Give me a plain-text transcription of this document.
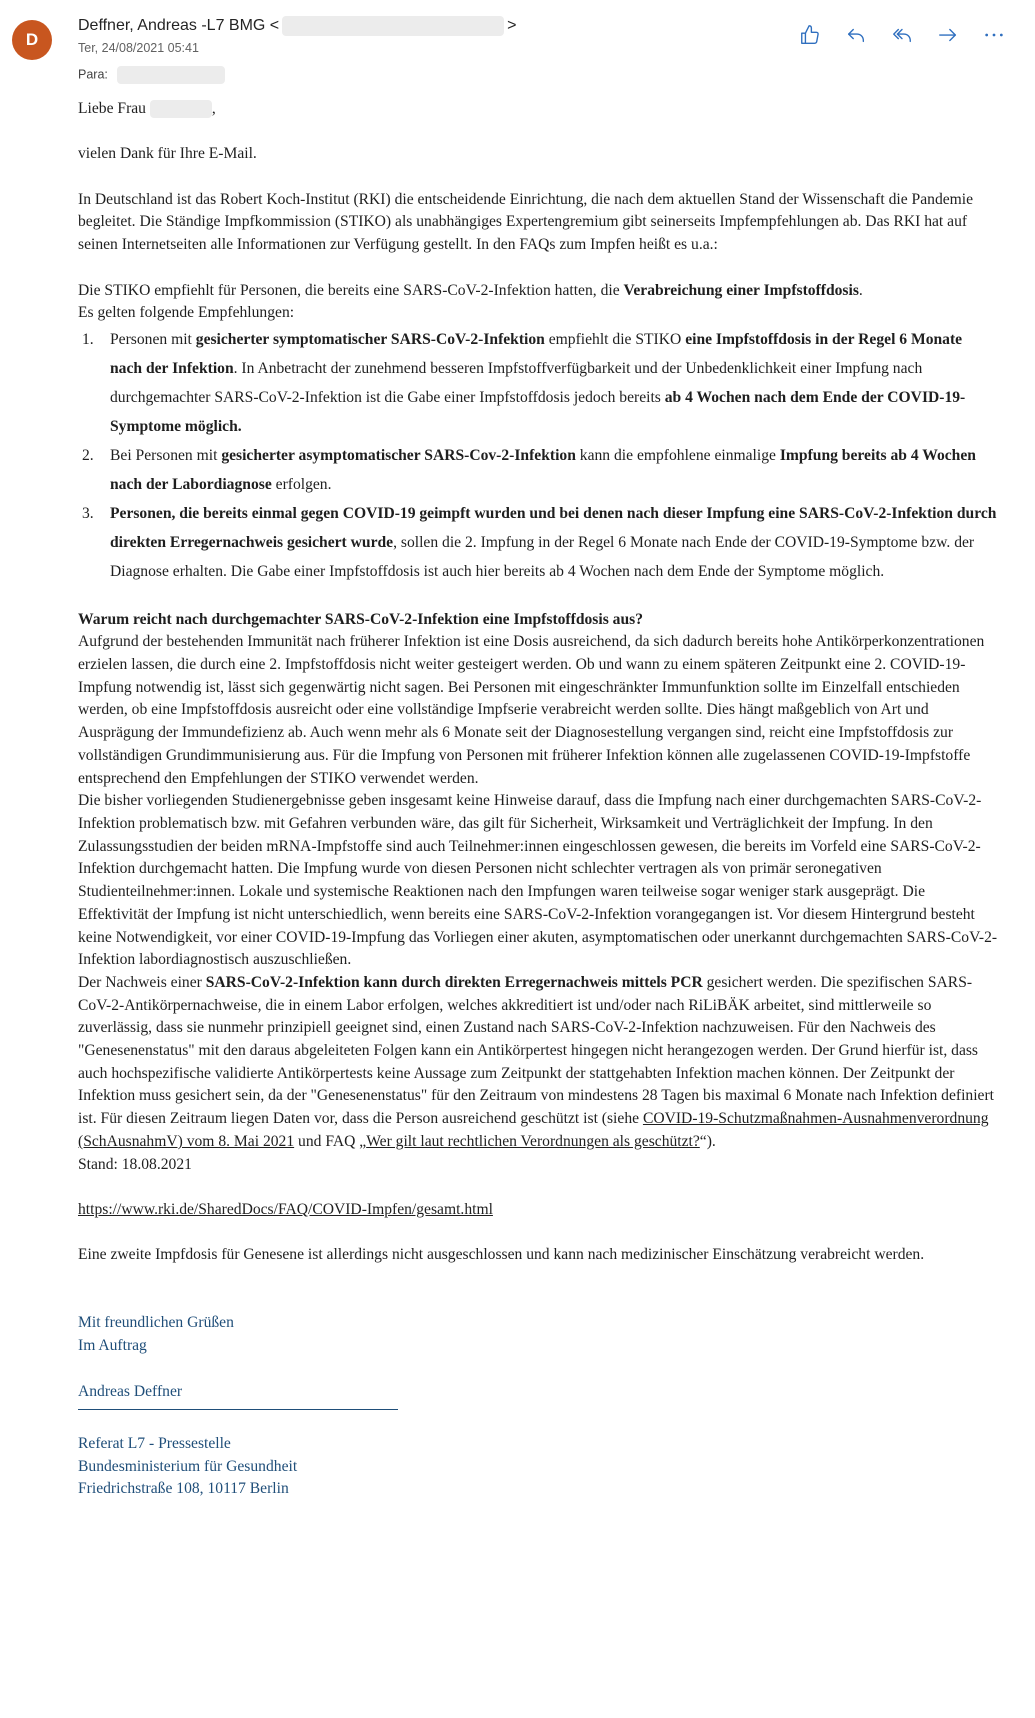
D
Deffner, Andreas -L7 BMG <	>
Ter, 24/08/2021 05:41
Para:

Liebe Frau	,

vielen Dank für Ihre E-Mail.

In Deutschland ist das Robert Koch-Institut (RKI) die entscheidende Einrichtung, die nach dem aktuellen Stand der Wissenschaft die Pandemie begleitet. Die Ständige Impfkommission (STIKO) als unabhängiges Expertengremium gibt seinerseits Impfempfehlungen ab. Das RKI hat auf seinen Internetseiten alle Informationen zur Verfügung gestellt. In den FAQs zum Impfen heißt es u.a.:

Die STIKO empfiehlt für Personen, die bereits eine SARS-CoV-2-Infektion hatten, die Verabreichung einer Impfstoffdosis.
Es gelten folgende Empfehlungen:

1. Personen mit gesicherter symptomatischer SARS-CoV-2-Infektion empfiehlt die STIKO eine Impfstoffdosis in der Regel 6 Monate nach der Infektion. In Anbetracht der zunehmend besseren Impfstoffverfügbarkeit und der Unbedenklichkeit einer Impfung nach durchgemachter SARS-CoV-2-Infektion ist die Gabe einer Impfstoffdosis jedoch bereits ab 4 Wochen nach dem Ende der COVID-19-Symptome möglich.
2. Bei Personen mit gesicherter asymptomatischer SARS-Cov-2-Infektion kann die empfohlene einmalige Impfung bereits ab 4 Wochen nach der Labordiagnose erfolgen.
3. Personen, die bereits einmal gegen COVID-19 geimpft wurden und bei denen nach dieser Impfung eine SARS-CoV-2-Infektion durch direkten Erregernachweis gesichert wurde, sollen die 2. Impfung in der Regel 6 Monate nach Ende der COVID-19-Symptome bzw. der Diagnose erhalten. Die Gabe einer Impfstoffdosis ist auch hier bereits ab 4 Wochen nach dem Ende der Symptome möglich.

Warum reicht nach durchgemachter SARS-CoV-2-Infektion eine Impfstoffdosis aus?

Aufgrund der bestehenden Immunität nach früherer Infektion ist eine Dosis ausreichend, da sich dadurch bereits hohe Antikörperkonzentrationen erzielen lassen, die durch eine 2. Impfstoffdosis nicht weiter gesteigert werden. Ob und wann zu einem späteren Zeitpunkt eine 2. COVID-19-Impfung notwendig ist, lässt sich gegenwärtig nicht sagen. Bei Personen mit eingeschränkter Immunfunktion sollte im Einzelfall entschieden werden, ob eine Impfstoffdosis ausreicht oder eine vollständige Impfserie verabreicht werden sollte. Dies hängt maßgeblich von Art und Ausprägung der Immundefizienz ab. Auch wenn mehr als 6 Monate seit der Diagnosestellung vergangen sind, reicht eine Impfstoffdosis zur vollständigen Grundimmunisierung aus. Für die Impfung von Personen mit früherer Infektion können alle zugelassenen COVID-19-Impfstoffe entsprechend den Empfehlungen der STIKO verwendet werden.

Die bisher vorliegenden Studienergebnisse geben insgesamt keine Hinweise darauf, dass die Impfung nach einer durchgemachten SARS-CoV-2-Infektion problematisch bzw. mit Gefahren verbunden wäre, das gilt für Sicherheit, Wirksamkeit und Verträglichkeit der Impfung. In den Zulassungsstudien der beiden mRNA-Impfstoffe sind auch Teilnehmer:innen eingeschlossen gewesen, die bereits im Vorfeld eine SARS-CoV-2-Infektion durchgemacht hatten. Die Impfung wurde von diesen Personen nicht schlechter vertragen als von primär seronegativen Studienteilnehmer:innen. Lokale und systemische Reaktionen nach den Impfungen waren teilweise sogar weniger stark ausgeprägt. Die Effektivität der Impfung ist nicht unterschiedlich, wenn bereits eine SARS-CoV-2-Infektion vorangegangen ist. Vor diesem Hintergrund besteht keine Notwendigkeit, vor einer COVID-19-Impfung das Vorliegen einer akuten, asymptomatischen oder unerkannt durchgemachten SARS-CoV-2-Infektion labordiagnostisch auszuschließen.

Der Nachweis einer SARS-CoV-2-Infektion kann durch direkten Erregernachweis mittels PCR gesichert werden. Die spezifischen SARS-CoV-2-Antikörpernachweise, die in einem Labor erfolgen, welches akkreditiert ist und/oder nach RiLiBÄK arbeitet, sind mittlerweile so zuverlässig, dass sie nunmehr prinzipiell geeignet sind, einen Zustand nach SARS-CoV-2-Infektion nachzuweisen. Für den Nachweis des "Genesenenstatus" mit den daraus abgeleiteten Folgen kann ein Antikörpertest hingegen nicht herangezogen werden. Der Grund hierfür ist, dass auch hochspezifische validierte Antikörpertests keine Aussage zum Zeitpunkt der stattgehabten Infektion machen können. Der Zeitpunkt der Infektion muss gesichert sein, da der "Genesenenstatus" für den Zeitraum von mindestens 28 Tagen bis maximal 6 Monate nach Infektion definiert ist. Für diesen Zeitraum liegen Daten vor, dass die Person ausreichend geschützt ist (siehe COVID-19-Schutzmaßnahmen-Ausnahmenverordnung (SchAusnahmV) vom 8. Mai 2021 und FAQ „Wer gilt laut rechtlichen Verordnungen als geschützt?“).

Stand: 18.08.2021

https://www.rki.de/SharedDocs/FAQ/COVID-Impfen/gesamt.html

Eine zweite Impfdosis für Genesene ist allerdings nicht ausgeschlossen und kann nach medizinischer Einschätzung verabreicht werden.

Mit freundlichen Grüßen

Im Auftrag

Andreas Deffner

Referat L7 - Pressestelle

Bundesministerium für Gesundheit

Friedrichstraße 108, 10117 Berlin
